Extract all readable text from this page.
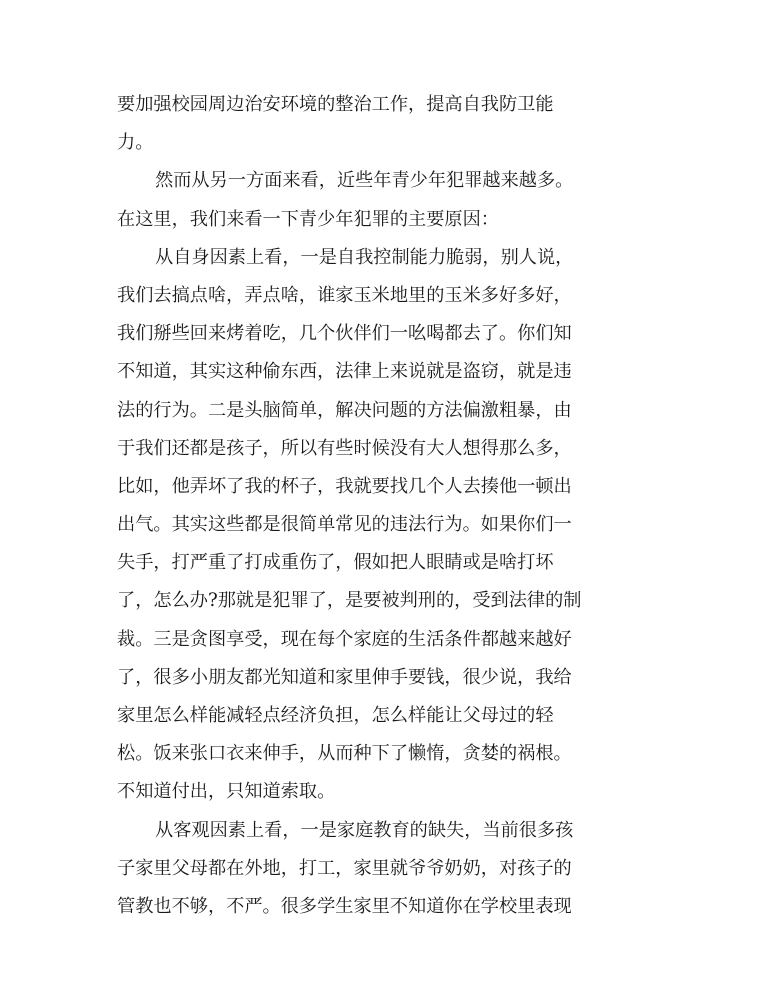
要加强校园周边治安环境的整治工作，提高自我防卫能
力。
然而从另一方面来看，近些年青少年犯罪越来越多。
在这里，我们来看一下青少年犯罪的主要原因：
从自身因素上看，一是自我控制能力脆弱，别人说，
我们去搞点啥，弄点啥，谁家玉米地里的玉米多好多好，
我们掰些回来烤着吃，几个伙伴们一吆喝都去了。你们知
不知道，其实这种偷东西，法律上来说就是盗窃，就是违
法的行为。二是头脑简单，解决问题的方法偏激粗暴，由
于我们还都是孩子，所以有些时候没有大人想得那么多，
比如，他弄坏了我的杯子，我就要找几个人去揍他一顿出
出气。其实这些都是很简单常见的违法行为。如果你们一
失手，打严重了打成重伤了，假如把人眼睛或是啥打坏
了，怎么办?那就是犯罪了，是要被判刑的，受到法律的制
裁。三是贪图享受，现在每个家庭的生活条件都越来越好
了，很多小朋友都光知道和家里伸手要钱，很少说，我给
家里怎么样能减轻点经济负担，怎么样能让父母过的轻
松。饭来张口衣来伸手，从而种下了懒惰，贪婪的祸根。
不知道付出，只知道索取。
从客观因素上看，一是家庭教育的缺失，当前很多孩
子家里父母都在外地，打工，家里就爷爷奶奶，对孩子的
管教也不够，不严。很多学生家里不知道你在学校里表现
